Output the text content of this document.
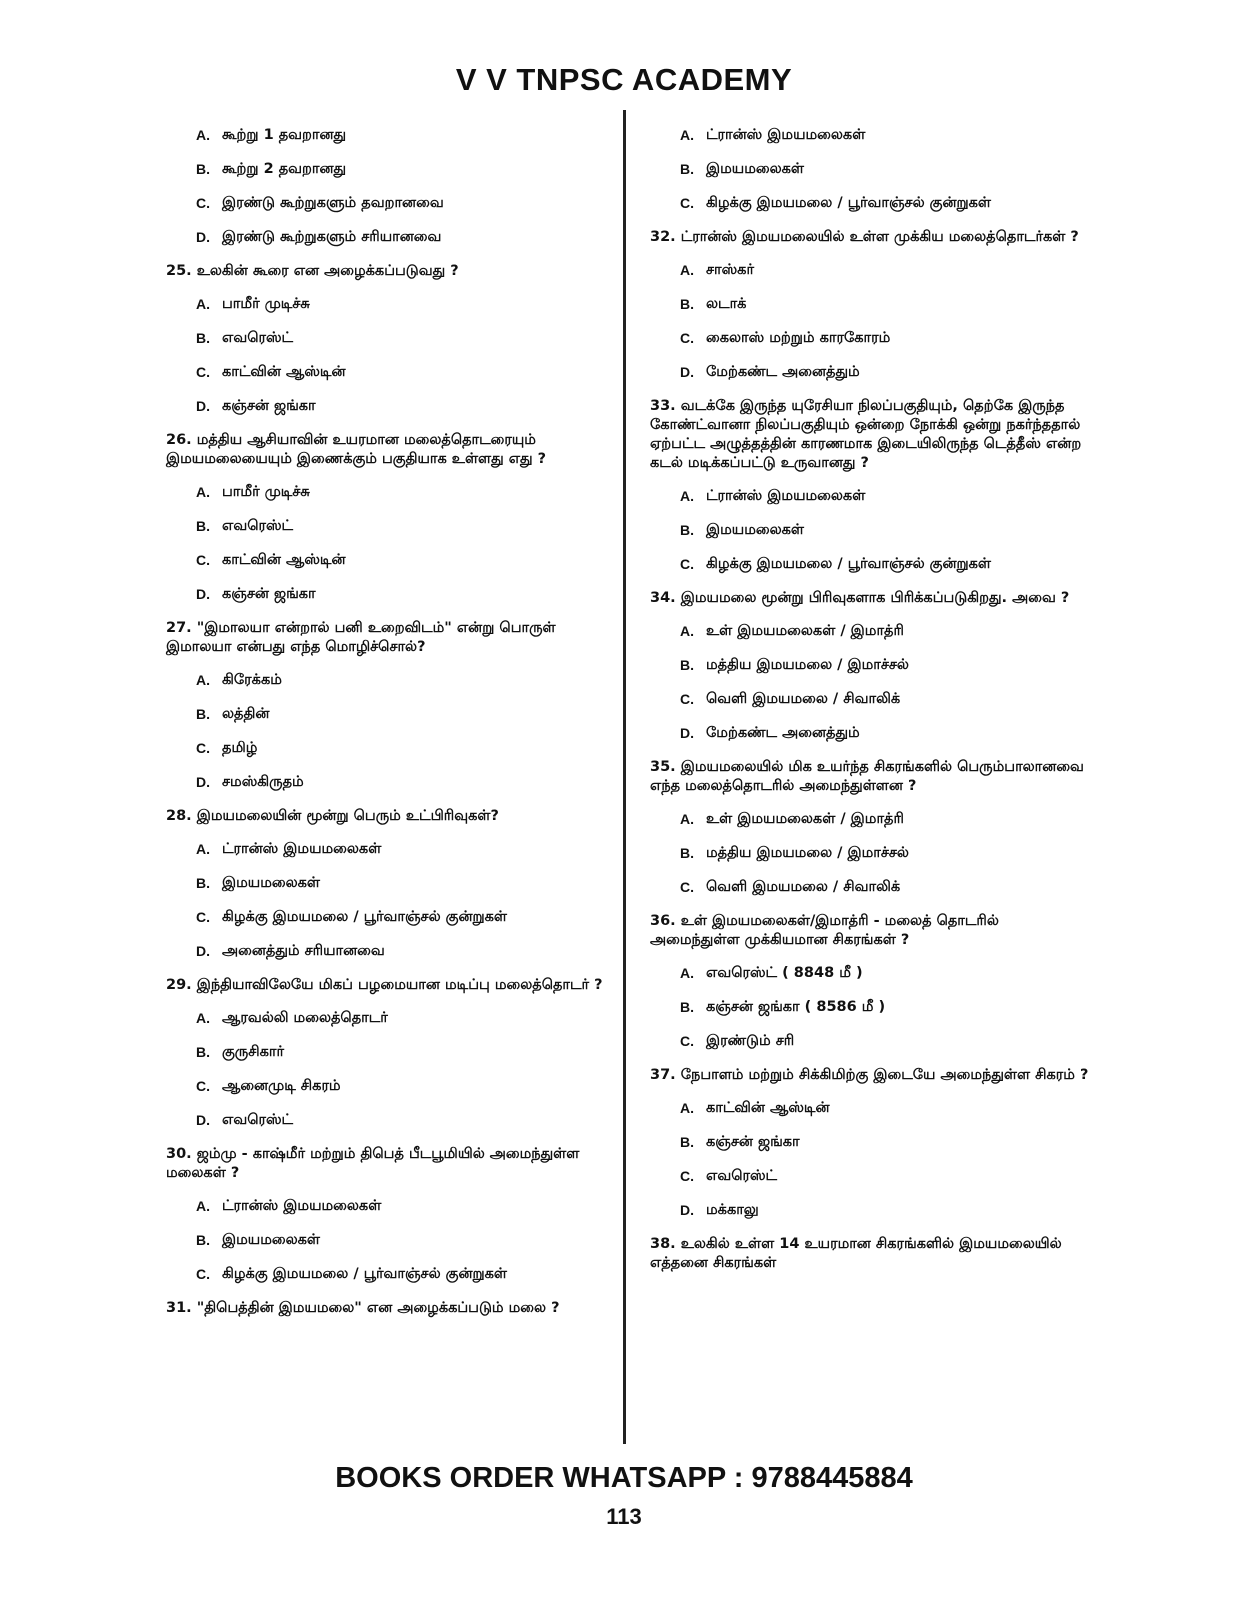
V V TNPSC ACADEMY
A. கூற்று 1 தவறானது
B. கூற்று 2 தவறானது
C. இரண்டு கூற்றுகளும் தவறானவை
D. இரண்டு கூற்றுகளும் சரியானவை
25. உலகின் கூரை என அழைக்கப்படுவது ?
A. பாமீர் முடிச்சு
B. எவரெஸ்ட்
C. காட்வின் ஆஸ்டின்
D. கஞ்சன் ஜங்கா
26. மத்திய ஆசியாவின் உயரமான மலைத்தொடரையும் இமயமலையையும் இணைக்கும் பகுதியாக உள்ளது எது ?
A. பாமீர் முடிச்சு
B. எவரெஸ்ட்
C. காட்வின் ஆஸ்டின்
D. கஞ்சன் ஜங்கா
27. "இமாலயா என்றால் பனி உறைவிடம்" என்று பொருள் இமாலயா என்பது எந்த மொழிச்சொல்?
A. கிரேக்கம்
B. லத்தின்
C. தமிழ்
D. சமஸ்கிருதம்
28. இமயமலையின் மூன்று பெரும் உட்பிரிவுகள்?
A. ட்ரான்ஸ் இமயமலைகள்
B. இமயமலைகள்
C. கிழக்கு இமயமலை / பூர்வாஞ்சல் குன்றுகள்
D. அனைத்தும் சரியானவை
29. இந்தியாவிலேயே மிகப் பழமையான மடிப்பு மலைத்தொடர் ?
A. ஆரவல்லி மலைத்தொடர்
B. குருசிகார்
C. ஆனைமுடி சிகரம்
D. எவரெஸ்ட்
30. ஜம்மு - காஷ்மீர் மற்றும் திபெத் பீடபூமியில் அமைந்துள்ள மலைகள் ?
A. ட்ரான்ஸ் இமயமலைகள்
B. இமயமலைகள்
C. கிழக்கு இமயமலை / பூர்வாஞ்சல் குன்றுகள்
31. "திபெத்தின் இமயமலை" என அழைக்கப்படும் மலை ?
A. ட்ரான்ஸ் இமயமலைகள்
B. இமயமலைகள்
C. கிழக்கு இமயமலை / பூர்வாஞ்சல் குன்றுகள்
32. ட்ரான்ஸ் இமயமலையில் உள்ள முக்கிய மலைத்தொடர்கள் ?
A. சாஸ்கர்
B. லடாக்
C. கைலாஸ் மற்றும் காரகோரம்
D. மேற்கண்ட அனைத்தும்
33. வடக்கே இருந்த யுரேசியா நிலப்பகுதியும், தெற்கே இருந்த கோண்ட்வானா நிலப்பகுதியும் ஒன்றை நோக்கி ஒன்று நகர்ந்ததால் ஏற்பட்ட அழுத்தத்தின் காரணமாக இடையிலிருந்த டெத்தீஸ் என்ற கடல் மடிக்கப்பட்டு உருவானது ?
A. ட்ரான்ஸ் இமயமலைகள்
B. இமயமலைகள்
C. கிழக்கு இமயமலை / பூர்வாஞ்சல் குன்றுகள்
34. இமயமலை மூன்று பிரிவுகளாக பிரிக்கப்படுகிறது. அவை ?
A. உள் இமயமலைகள் / இமாத்ரி
B. மத்திய இமயமலை / இமாச்சல்
C. வெளி இமயமலை / சிவாலிக்
D. மேற்கண்ட அனைத்தும்
35. இமயமலையில் மிக உயர்ந்த சிகரங்களில் பெரும்பாலானவை எந்த மலைத்தொடரில் அமைந்துள்ளன ?
A. உள் இமயமலைகள் / இமாத்ரி
B. மத்திய இமயமலை / இமாச்சல்
C. வெளி இமயமலை / சிவாலிக்
36. உள் இமயமலைகள்/இமாத்ரி - மலைத் தொடரில் அமைந்துள்ள முக்கியமான சிகரங்கள் ?
A. எவரெஸ்ட் ( 8848 மீ )
B. கஞ்சன் ஜங்கா ( 8586 மீ )
C. இரண்டும் சரி
37. நேபாளம் மற்றும் சிக்கிமிற்கு இடையே அமைந்துள்ள சிகரம் ?
A. காட்வின் ஆஸ்டின்
B. கஞ்சன் ஜங்கா
C. எவரெஸ்ட்
D. மக்காலு
38. உலகில் உள்ள 14 உயரமான சிகரங்களில் இமயமலையில் எத்தனை சிகரங்கள்
BOOKS ORDER WHATSAPP : 9788445884
113
